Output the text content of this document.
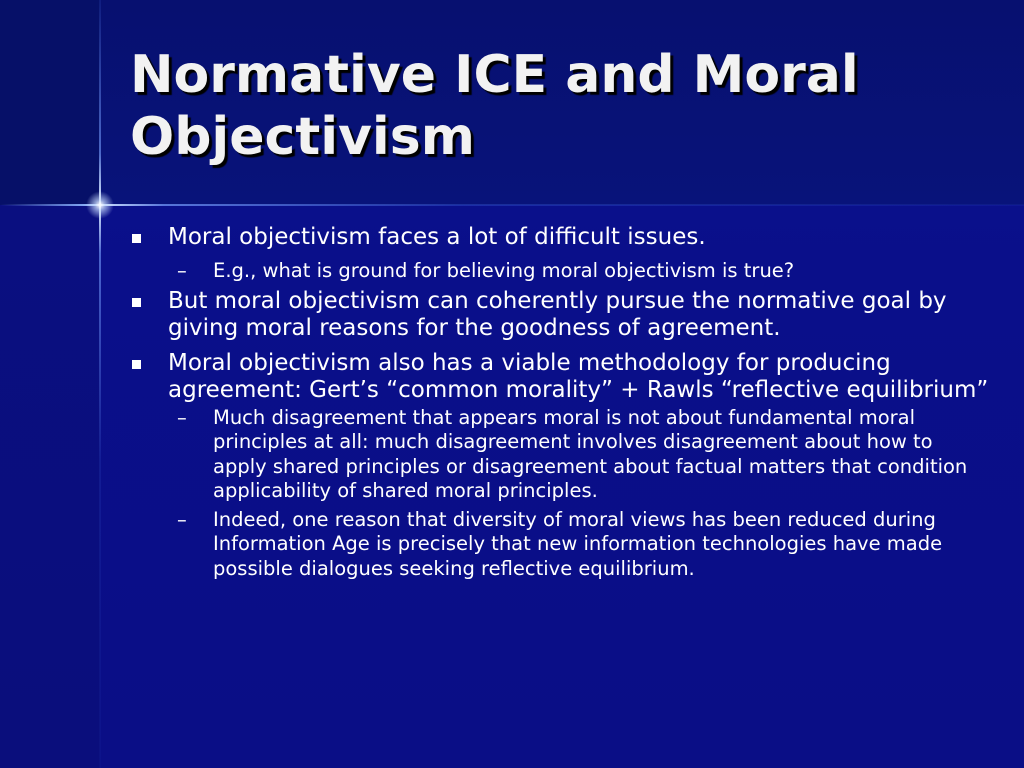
Normative ICE and Moral Objectivism
Moral objectivism faces a lot of difficult issues.
– E.g., what is ground for believing moral objectivism is true?
But moral objectivism can coherently pursue the normative goal by giving moral reasons for the goodness of agreement.
Moral objectivism also has a viable methodology for producing agreement: Gert’s “common morality” + Rawls “reflective equilibrium”
– Much disagreement that appears moral is not about fundamental moral principles at all: much disagreement involves disagreement about how to apply shared principles or disagreement about factual matters that condition applicability of shared moral principles.
– Indeed, one reason that diversity of moral views has been reduced during Information Age is precisely that new information technologies have made possible dialogues seeking reflective equilibrium.
